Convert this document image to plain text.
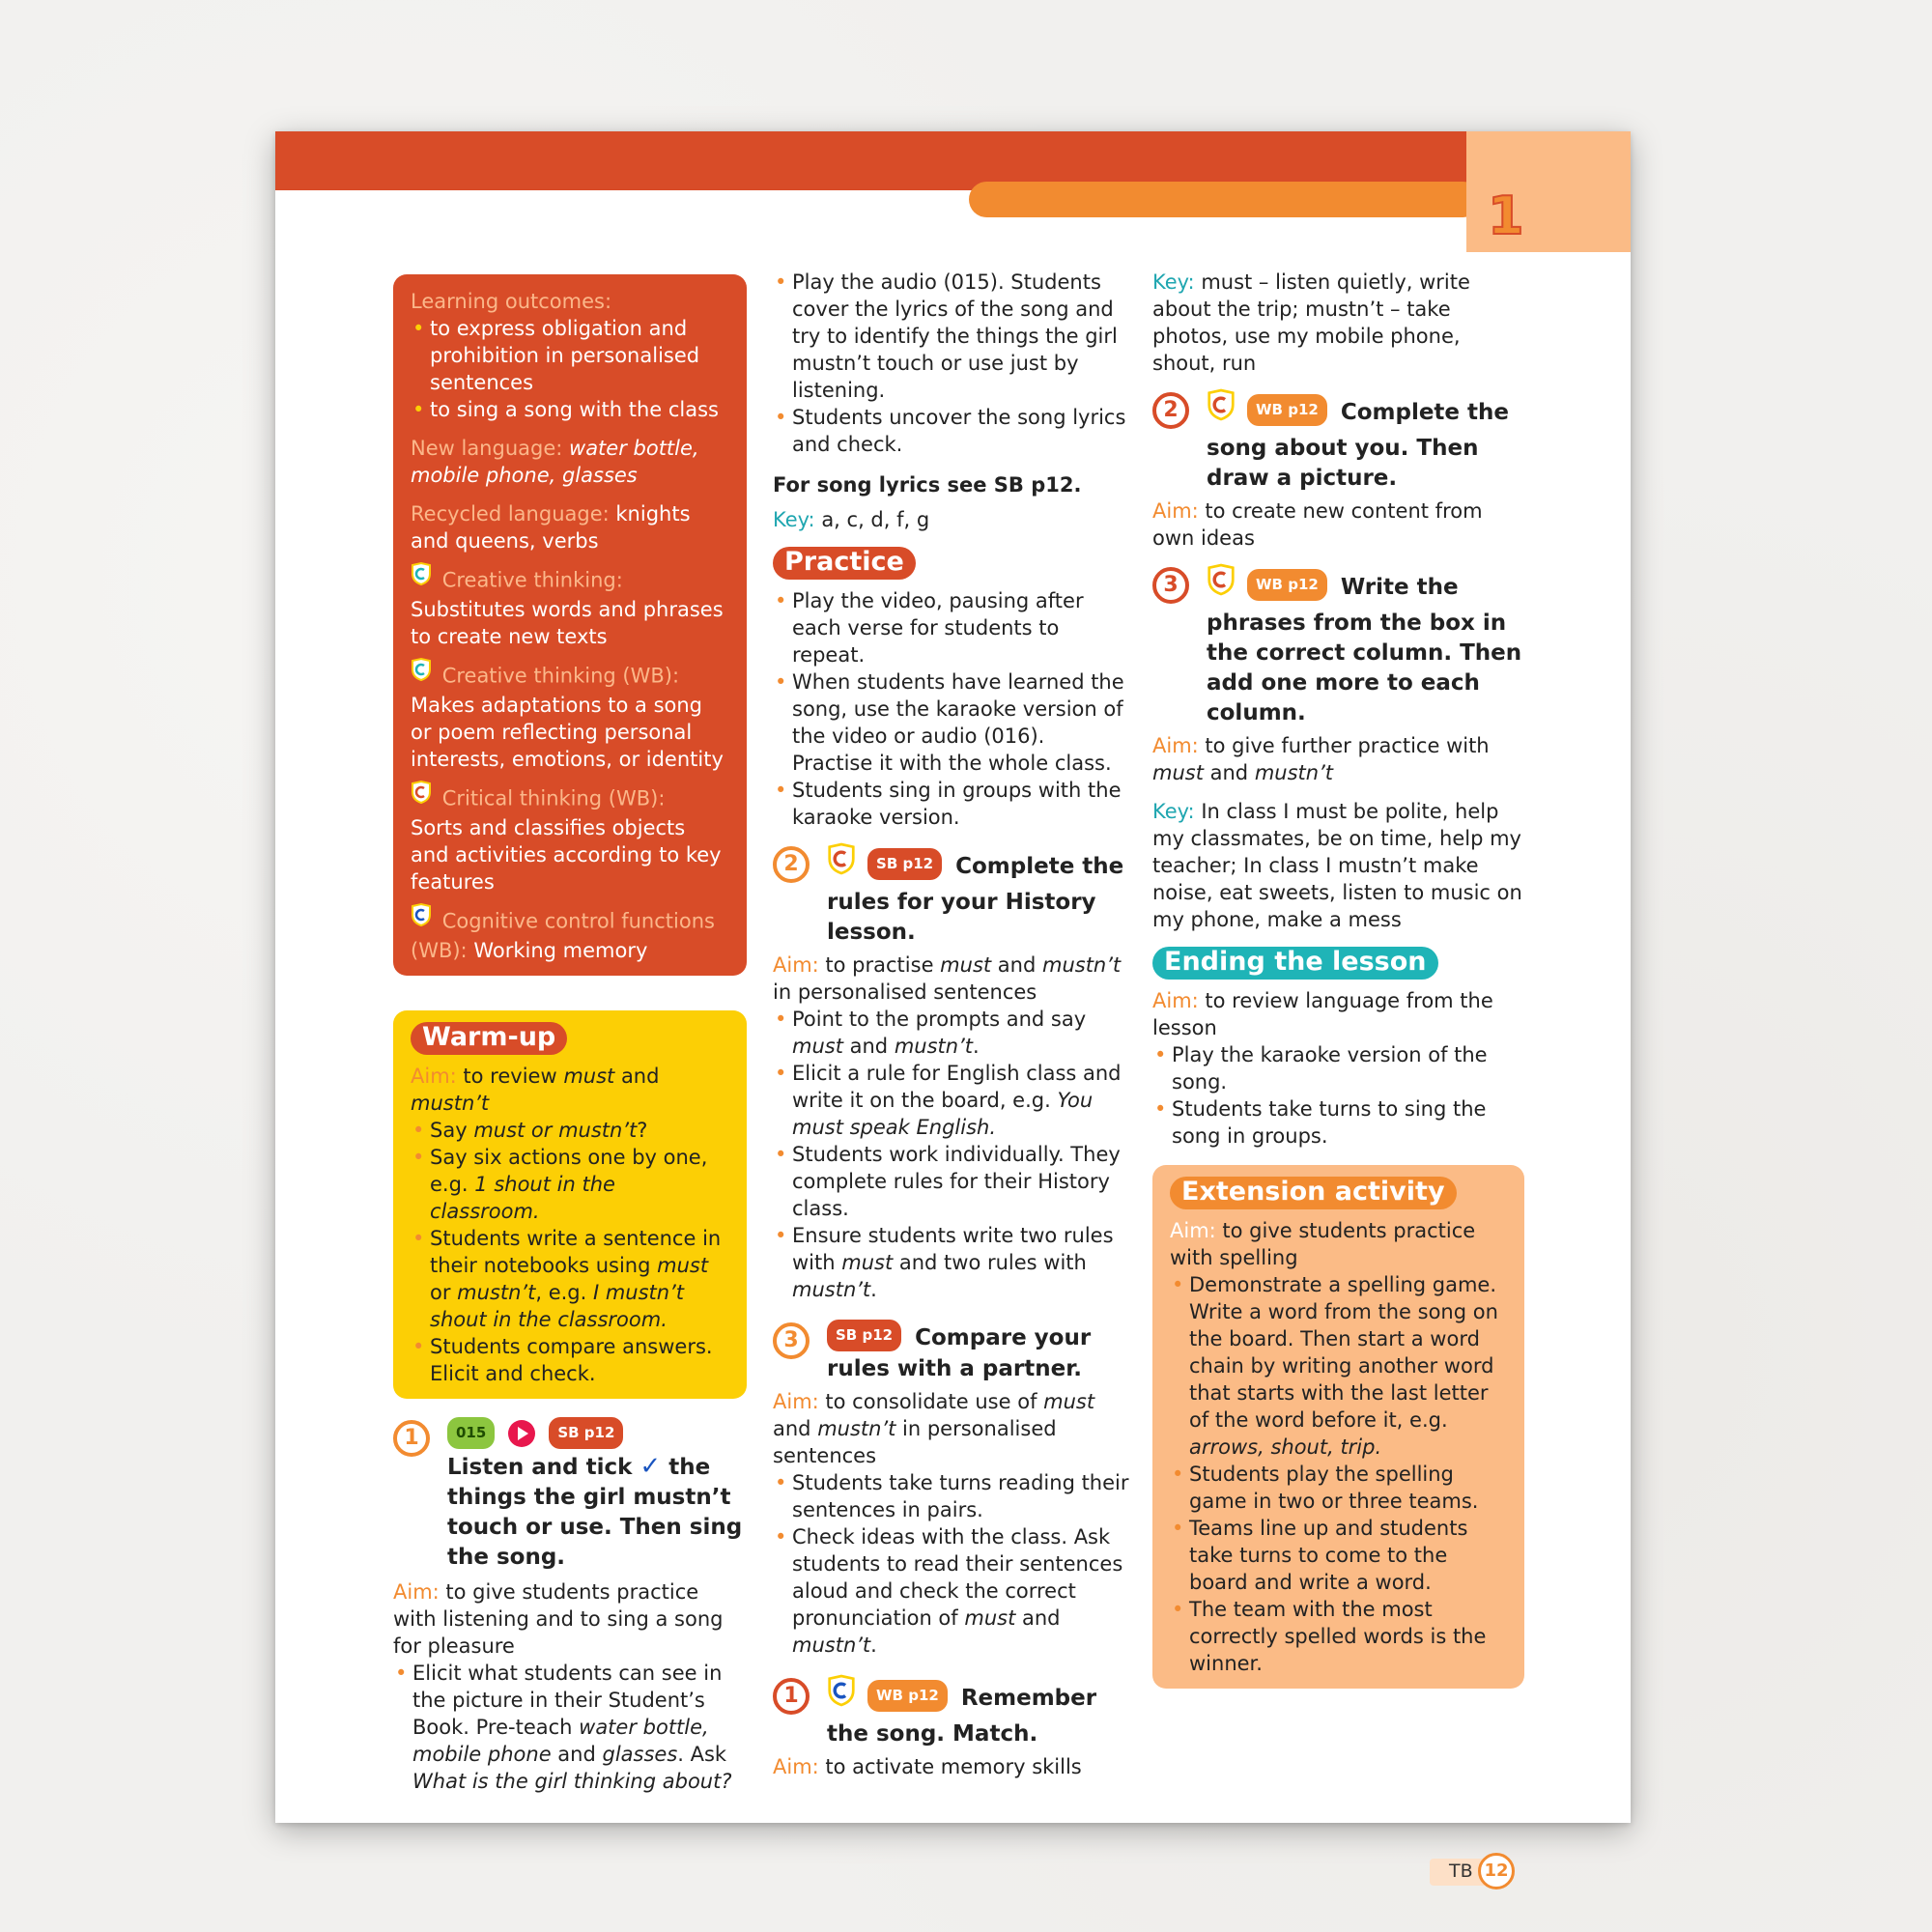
1
Learning outcomes:
• to express obligation and prohibition in personalised sentences
• to sing a song with the class
New language: water bottle, mobile phone, glasses
Recycled language: knights and queens, verbs
Creative thinking:
Substitutes words and phrases to create new texts
Creative thinking (WB):
Makes adaptations to a song or poem reflecting personal interests, emotions, or identity
Critical thinking (WB):
Sorts and classifies objects and activities according to key features
Cognitive control functions (WB): Working memory
Warm-up
Aim: to review must and mustn’t
• Say must or mustn’t?
• Say six actions one by one, e.g. 1 shout in the classroom.
• Students write a sentence in their notebooks using must or mustn’t, e.g. I mustn’t shout in the classroom.
• Students compare answers. Elicit and check.
1	015	SB p12
Listen and tick ✓ the things the girl mustn’t touch or use. Then sing the song.
Aim: to give students practice with listening and to sing a song for pleasure
• Elicit what students can see in the picture in their Student’s Book. Pre-teach water bottle, mobile phone and glasses. Ask What is the girl thinking about?
• Play the audio (015). Students cover the lyrics of the song and try to identify the things the girl mustn’t touch or use just by listening.
• Students uncover the song lyrics and check.
For song lyrics see SB p12.
Key: a, c, d, f, g
Practice
• Play the video, pausing after each verse for students to repeat.
• When students have learned the song, use the karaoke version of the video or audio (016). Practise it with the whole class.
• Students sing in groups with the karaoke version.
2	SB p12 Complete the rules for your History lesson.
Aim: to practise must and mustn’t in personalised sentences
• Point to the prompts and say must and mustn’t.
• Elicit a rule for English class and write it on the board, e.g. You must speak English.
• Students work individually. They complete rules for their History class.
• Ensure students write two rules with must and two rules with mustn’t.
3	SB p12 Compare your rules with a partner.
Aim: to consolidate use of must and mustn’t in personalised sentences
• Students take turns reading their sentences in pairs.
• Check ideas with the class. Ask students to read their sentences aloud and check the correct pronunciation of must and mustn’t.
1	WB p12 Remember the song. Match.
Aim: to activate memory skills
Key: must – listen quietly, write about the trip; mustn’t – take photos, use my mobile phone, shout, run
2	WB p12 Complete the song about you. Then draw a picture.
Aim: to create new content from own ideas
3	WB p12 Write the phrases from the box in the correct column. Then add one more to each column.
Aim: to give further practice with must and mustn’t
Key: In class I must be polite, help my classmates, be on time, help my teacher; In class I mustn’t make noise, eat sweets, listen to music on my phone, make a mess
Ending the lesson
Aim: to review language from the lesson
• Play the karaoke version of the song.
• Students take turns to sing the song in groups.
Extension activity
Aim: to give students practice with spelling
• Demonstrate a spelling game. Write a word from the song on the board. Then start a word chain by writing another word that starts with the last letter of the word before it, e.g. arrows, shout, trip.
• Students play the spelling game in two or three teams.
• Teams line up and students take turns to come to the board and write a word.
• The team with the most correctly spelled words is the winner.
TB 12
